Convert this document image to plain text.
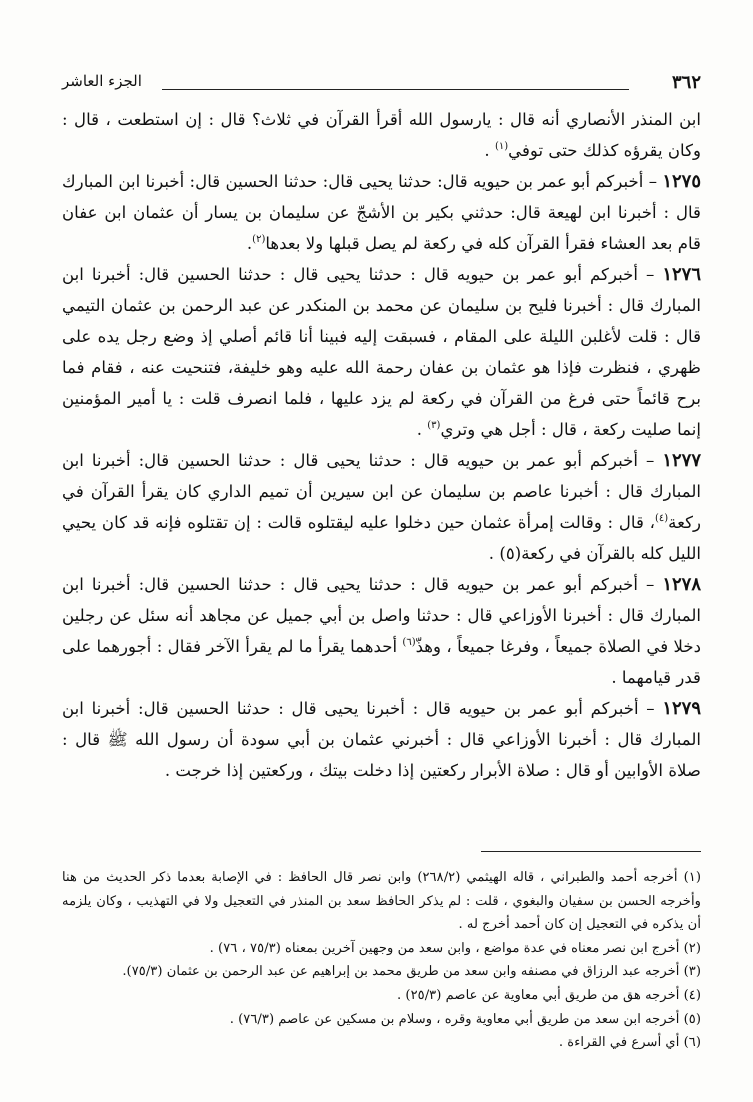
٣٦٢
الجزء العاشر

ابن المنذر الأنصاري أنه قال : يارسول الله أقرأ القرآن في ثلاث؟ قال : إن استطعت ، قال : وكان يقرؤه كذلك حتى توفي$^{(١)}$ .

١٢٧٥ – أخبركم أبو عمر بن حيويه قال: حدثنا يحيى قال: حدثنا الحسين قال: أخبرنا ابن المبارك قال : أخبرنا ابن لهيعة قال: حدثني بكير بن الأشجّ عن سليمان بن يسار أن عثمان ابن عفان قام بعد العشاء فقرأ القرآن كله في ركعة لم يصل قبلها ولا بعدها$^{(٢)}$.

١٢٧٦ – أخبركم أبو عمر بن حيويه قال : حدثنا يحيى قال : حدثنا الحسين قال: أخبرنا ابن المبارك قال : أخبرنا فليح بن سليمان عن محمد بن المنكدر عن عبد الرحمن بن عثمان التيمي قال : قلت لأغلبن الليلة على المقام ، فسبقت إليه فبينا أنا قائم أصلي إذ وضع رجل يده على ظهري ، فنظرت فإذا هو عثمان بن عفان رحمة الله عليه وهو خليفة، فتنحيت عنه ، فقام فما برح قائماً حتى فرغ من القرآن في ركعة لم يزد عليها ، فلما انصرف قلت : يا أمير المؤمنين إنما صليت ركعة ، قال : أجل هي وتري$^{(٣)}$ .

١٢٧٧ – أخبركم أبو عمر بن حيويه قال : حدثنا يحيى قال : حدثنا الحسين قال: أخبرنا ابن المبارك قال : أخبرنا عاصم بن سليمان عن ابن سيرين أن تميم الداري كان يقرأ القرآن في ركعة$^{(٤)}$، قال : وقالت إمرأة عثمان حين دخلوا عليه ليقتلوه قالت : إن تقتلوه فإنه قد كان يحيي الليل كله بالقرآن في ركعة(٥) .

١٢٧٨ – أخبركم أبو عمر بن حيويه قال : حدثنا يحيى قال : حدثنا الحسين قال: أخبرنا ابن المبارك قال : أخبرنا الأوزاعي قال : حدثنا واصل بن أبي جميل عن مجاهد أنه سئل عن رجلين دخلا في الصلاة جميعاً ، وفرغا جميعاً ، وهذّ$^{(٦)}$ أحدهما يقرأ ما لم يقرأ الآخر فقال : أجورهما على قدر قيامهما .

١٢٧٩ – أخبركم أبو عمر بن حيويه قال : أخبرنا يحيى قال : حدثنا الحسين قال: أخبرنا ابن المبارك قال : أخبرنا الأوزاعي قال : أخبرني عثمان بن أبي سودة أن رسول الله ﷺ قال : صلاة الأوابين أو قال : صلاة الأبرار ركعتين إذا دخلت بيتك ، وركعتين إذا خرجت .

(١) أخرجه أحمد والطبراني ، قاله الهيثمي (٢٦٨/٢) وابن نصر قال الحافظ : في الإصابة بعدما ذكر الحديث من هنا وأخرجه الحسن بن سفيان والبغوي ، قلت : لم يذكر الحافظ سعد بن المنذر في التعجيل ولا في التهذيب ، وكان يلزمه أن يذكره في التعجيل إن كان أحمد أخرج له .

(٢) أخرج ابن نصر معناه في عدة مواضع ، وابن سعد من وجهين آخرين بمعناه (٧٥/٣ ، ٧٦) .

(٣) أخرجه عبد الرزاق في مصنفه وابن سعد من طريق محمد بن إبراهيم عن عبد الرحمن بن عثمان (٧٥/٣).

(٤) أخرجه هق من طريق أبي معاوية عن عاصم (٢٥/٣) .

(٥) أخرجه ابن سعد من طريق أبي معاوية وقره ، وسلام بن مسكين عن عاصم (٧٦/٣) .

(٦) أي أسرع في القراءة .
